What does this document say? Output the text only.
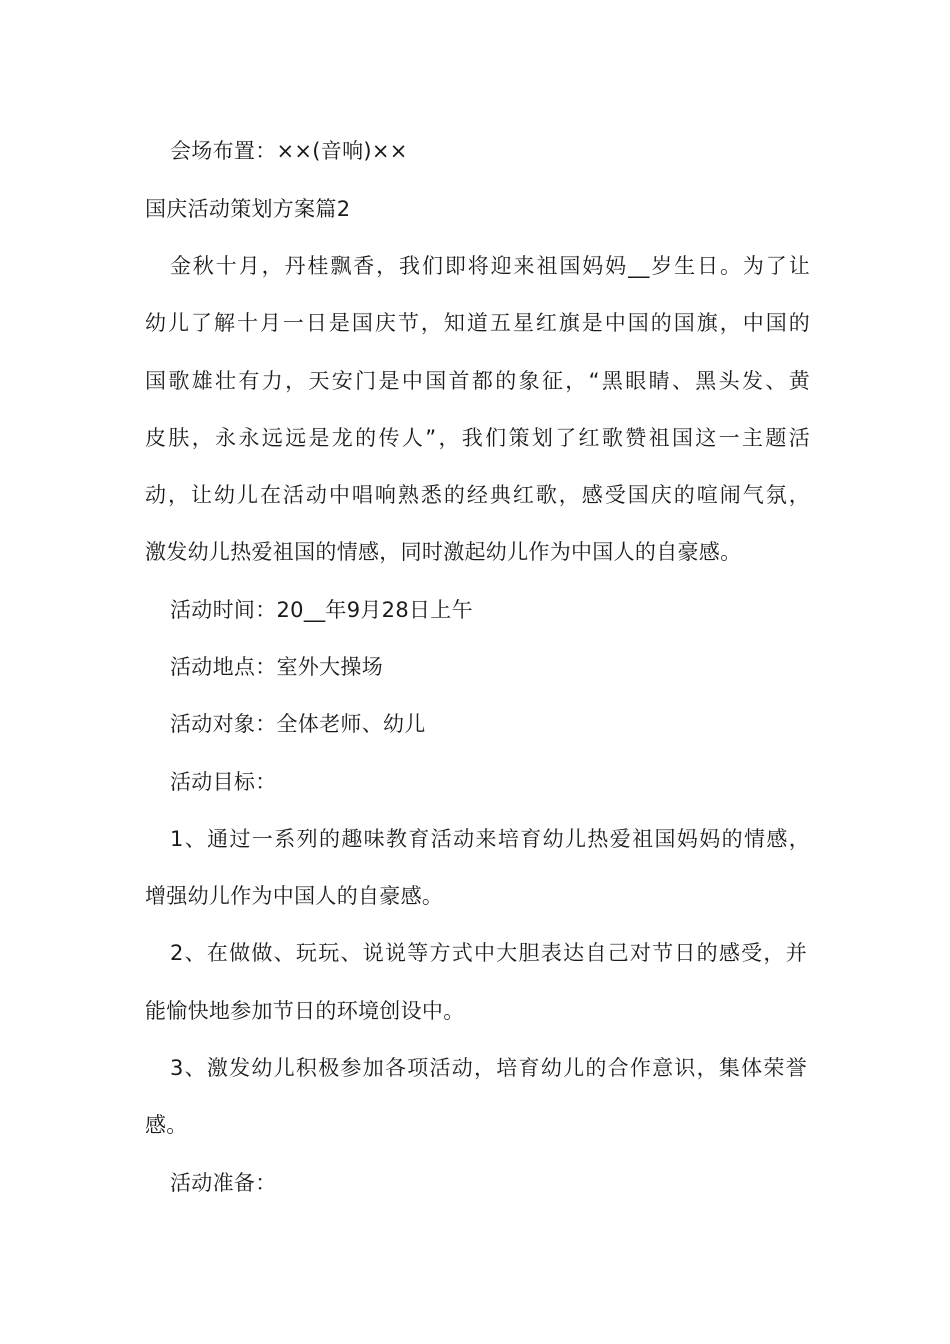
会场布置：××(音响)××
国庆活动策划方案篇2
金秋十月，丹桂飘香，我们即将迎来祖国妈妈__岁生日。为了让
幼儿了解十月一日是国庆节，知道五星红旗是中国的国旗，中国的
国歌雄壮有力，天安门是中国首都的象征，“黑眼睛、黑头发、黄
皮肤，永永远远是龙的传人”，我们策划了红歌赞祖国这一主题活
动，让幼儿在活动中唱响熟悉的经典红歌，感受国庆的喧闹气氛，
激发幼儿热爱祖国的情感，同时激起幼儿作为中国人的自豪感。
活动时间：20__年9月28日上午
活动地点：室外大操场
活动对象：全体老师、幼儿
活动目标：
1、通过一系列的趣味教育活动来培育幼儿热爱祖国妈妈的情感，
增强幼儿作为中国人的自豪感。
2、在做做、玩玩、说说等方式中大胆表达自己对节日的感受，并
能愉快地参加节日的环境创设中。
3、激发幼儿积极参加各项活动，培育幼儿的合作意识，集体荣誉
感。
活动准备：
